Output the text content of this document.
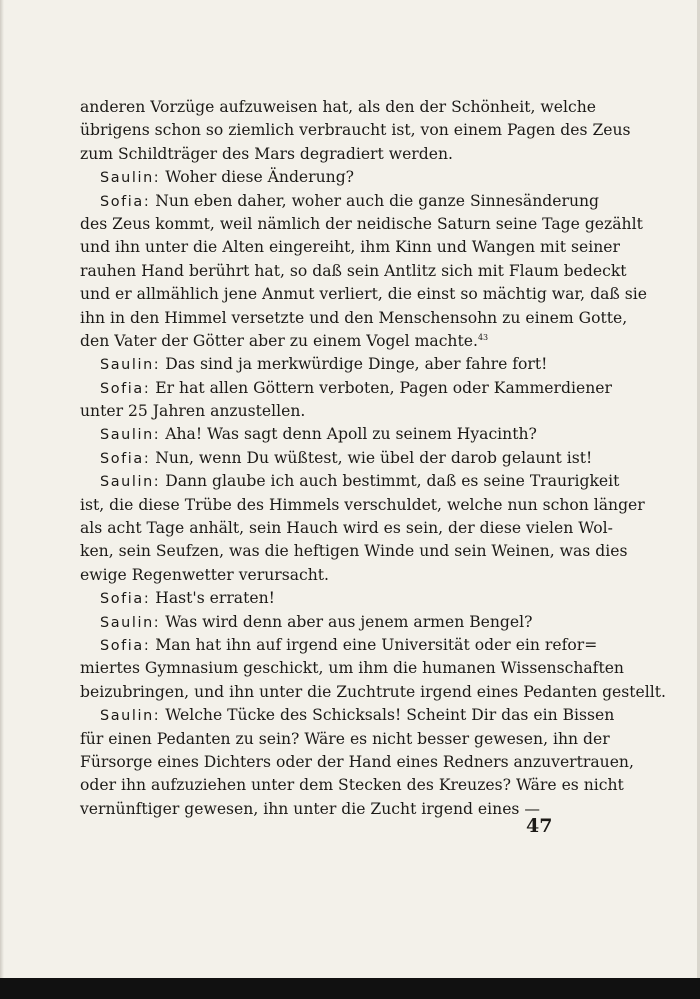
anderen Vorzüge aufzuweisen hat, als den der Schönheit, welche
übrigens schon so ziemlich verbraucht ist, von einem Pagen des Zeus
zum Schildträger des Mars degradiert werden.
Saulin: Woher diese Änderung?
Sofia: Nun eben daher, woher auch die ganze Sinnesänderung
des Zeus kommt, weil nämlich der neidische Saturn seine Tage gezählt
und ihn unter die Alten eingereiht, ihm Kinn und Wangen mit seiner
rauhen Hand berührt hat, so daß sein Antlitz sich mit Flaum bedeckt
und er allmählich jene Anmut verliert, die einst so mächtig war, daß sie
ihn in den Himmel versetzte und den Menschensohn zu einem Gotte,
den Vater der Götter aber zu einem Vogel machte.$^{43}$
Saulin: Das sind ja merkwürdige Dinge, aber fahre fort!
Sofia: Er hat allen Göttern verboten, Pagen oder Kammerdiener
unter 25 Jahren anzustellen.
Saulin: Aha! Was sagt denn Apoll zu seinem Hyacinth?
Sofia: Nun, wenn Du wüßtest, wie übel der darob gelaunt ist!
Saulin: Dann glaube ich auch bestimmt, daß es seine Traurigkeit
ist, die diese Trübe des Himmels verschuldet, welche nun schon länger
als acht Tage anhält, sein Hauch wird es sein, der diese vielen Wol-
ken, sein Seufzen, was die heftigen Winde und sein Weinen, was dies
ewige Regenwetter verursacht.
Sofia: Hast's erraten!
Saulin: Was wird denn aber aus jenem armen Bengel?
Sofia: Man hat ihn auf irgend eine Universität oder ein refor=
miertes Gymnasium geschickt, um ihm die humanen Wissenschaften
beizubringen, und ihn unter die Zuchtrute irgend eines Pedanten gestellt.
Saulin: Welche Tücke des Schicksals! Scheint Dir das ein Bissen
für einen Pedanten zu sein? Wäre es nicht besser gewesen, ihn der
Fürsorge eines Dichters oder der Hand eines Redners anzuvertrauen,
oder ihn aufzuziehen unter dem Stecken des Kreuzes? Wäre es nicht
vernünftiger gewesen, ihn unter die Zucht irgend eines —
47
